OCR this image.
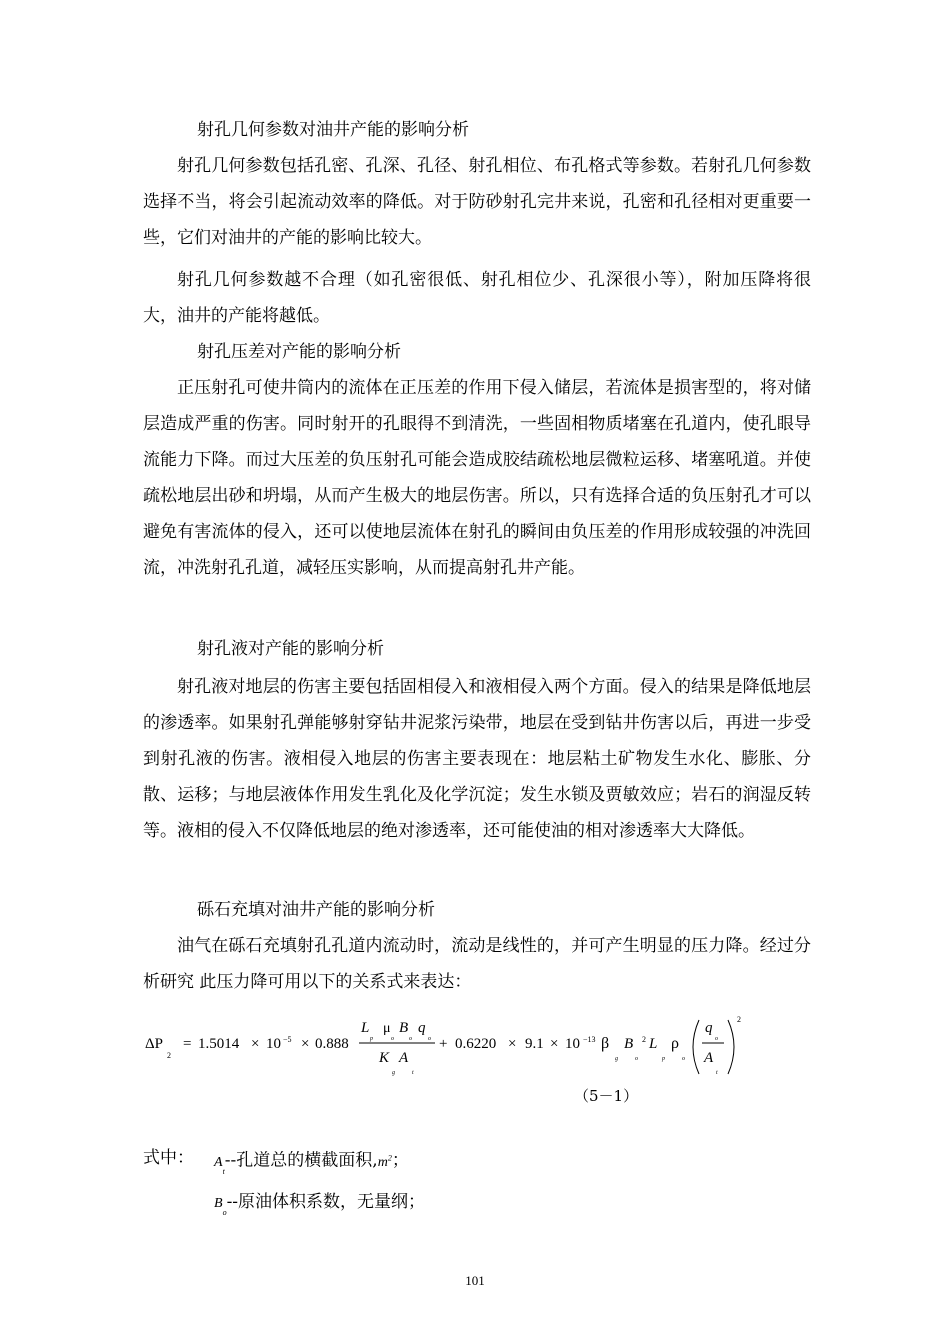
射孔几何参数对油井产能的影响分析
射孔几何参数包括孔密、孔深、孔径、射孔相位、布孔格式等参数。若射孔几何参数选择不当，将会引起流动效率的降低。对于防砂射孔完井来说，孔密和孔径相对更重要一些，它们对油井的产能的影响比较大。
射孔几何参数越不合理（如孔密很低、射孔相位少、孔深很小等），附加压降将很大，油井的产能将越低。
射孔压差对产能的影响分析
正压射孔可使井筒内的流体在正压差的作用下侵入储层，若流体是损害型的，将对储层造成严重的伤害。同时射开的孔眼得不到清洗，一些固相物质堵塞在孔道内，使孔眼导流能力下降。而过大压差的负压射孔可能会造成胶结疏松地层微粒运移、堵塞吼道。并使疏松地层出砂和坍塌，从而产生极大的地层伤害。所以，只有选择合适的负压射孔才可以避免有害流体的侵入，还可以使地层流体在射孔的瞬间由负压差的作用形成较强的冲洗回流，冲洗射孔孔道，减轻压实影响，从而提高射孔井产能。
射孔液对产能的影响分析
射孔液对地层的伤害主要包括固相侵入和液相侵入两个方面。侵入的结果是降低地层的渗透率。如果射孔弹能够射穿钻井泥浆污染带，地层在受到钻井伤害以后，再进一步受到射孔液的伤害。液相侵入地层的伤害主要表现在：地层粘土矿物发生水化、膨胀、分散、运移；与地层液体作用发生乳化及化学沉淀；发生水锁及贾敏效应；岩石的润湿反转等。液相的侵入不仅降低地层的绝对渗透率，还可能使油的相对渗透率大大降低。
砾石充填对油井产能的影响分析
油气在砾石充填射孔孔道内流动时，流动是线性的，并可产生明显的压力降。经过分析研究 此压力降可用以下的关系式来表达：
ΔP
2
= 1.5014 × 10 −5 × 0.888
L μ B q
p	o	o	o
K A
g	t
+ 0.6220 × 9.1 × 10 −13 β
g
B
o
2 L
p
ρ
o
q
o
A
t
2
（5－1）
式中： $A_t--$孔道总的横截面积$,m^2$；
$B_o--$原油体积系数，无量纲；
101
